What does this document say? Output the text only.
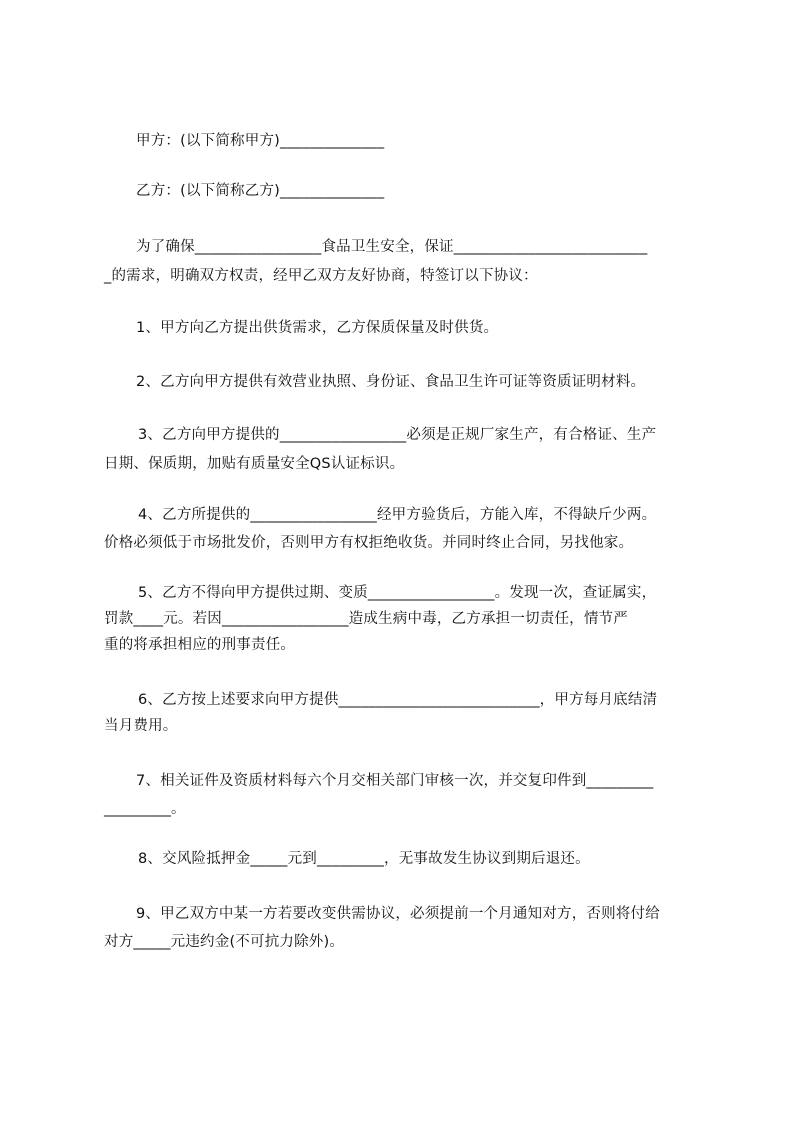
甲方：(以下简称甲方)______________
乙方：(以下简称乙方)______________
为了确保_________________食品卫生安全，保证__________________________
_的需求，明确双方权责，经甲乙双方友好协商，特签订以下协议：
1、甲方向乙方提出供货需求，乙方保质保量及时供货。
2、乙方向甲方提供有效营业执照、身份证、食品卫生许可证等资质证明材料。
3、乙方向甲方提供的_________________必须是正规厂家生产，有合格证、生产
日期、保质期，加贴有质量安全QS认证标识。
4、乙方所提供的_________________经甲方验货后，方能入库，不得缺斤少两。
价格必须低于市场批发价，否则甲方有权拒绝收货。并同时终止合同，另找他家。
5、乙方不得向甲方提供过期、变质_________________。发现一次，查证属实，
罚款____元。若因_________________造成生病中毒，乙方承担一切责任，情节严
重的将承担相应的刑事责任。
6、乙方按上述要求向甲方提供___________________________，甲方每月底结清
当月费用。
7、相关证件及资质材料每六个月交相关部门审核一次，并交复印件到_________
_________。
8、交风险抵押金_____元到_________，无事故发生协议到期后退还。
9、甲乙双方中某一方若要改变供需协议，必须提前一个月通知对方，否则将付给
对方_____元违约金(不可抗力除外)。
